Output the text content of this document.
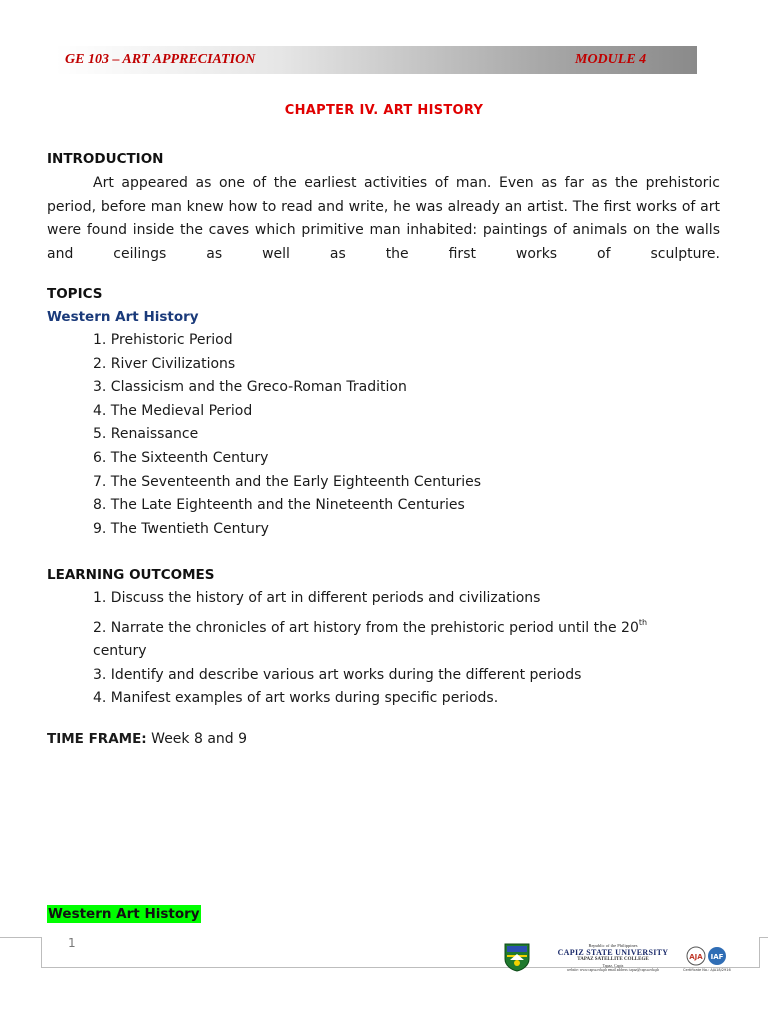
GE 103 – ART APPRECIATION	MODULE 4
CHAPTER IV. ART HISTORY
INTRODUCTION
Art appeared as one of the earliest activities of man. Even as far as the prehistoric period, before man knew how to read and write, he was already an artist. The first works of art were found inside the caves which primitive man inhabited: paintings of animals on the walls and ceilings as well as the first works of sculpture.
TOPICS
Western Art History
1. Prehistoric Period
2. River Civilizations
3. Classicism and the Greco-Roman Tradition
4. The Medieval Period
5. Renaissance
6. The Sixteenth Century
7. The Seventeenth and the Early Eighteenth Centuries
8. The Late Eighteenth and the Nineteenth Centuries
9. The Twentieth Century
LEARNING OUTCOMES
1. Discuss the history of art in different periods and civilizations
2. Narrate the chronicles of art history from the prehistoric period until the 20th
century
3. Identify and describe various art works during the different periods
4. Manifest examples of art works during specific periods.
TIME FRAME: Week 8 and 9
Western Art History
1	Republic of the Philippines
CAPIZ STATE UNIVERSITY
TAPAZ SATELLITE COLLEGE
Tapaz, Capiz
website: www.capsu.edu.ph email address: tapaz@capsu.edu.ph
AJA IAF
Certificate No.: AJA18/2916
